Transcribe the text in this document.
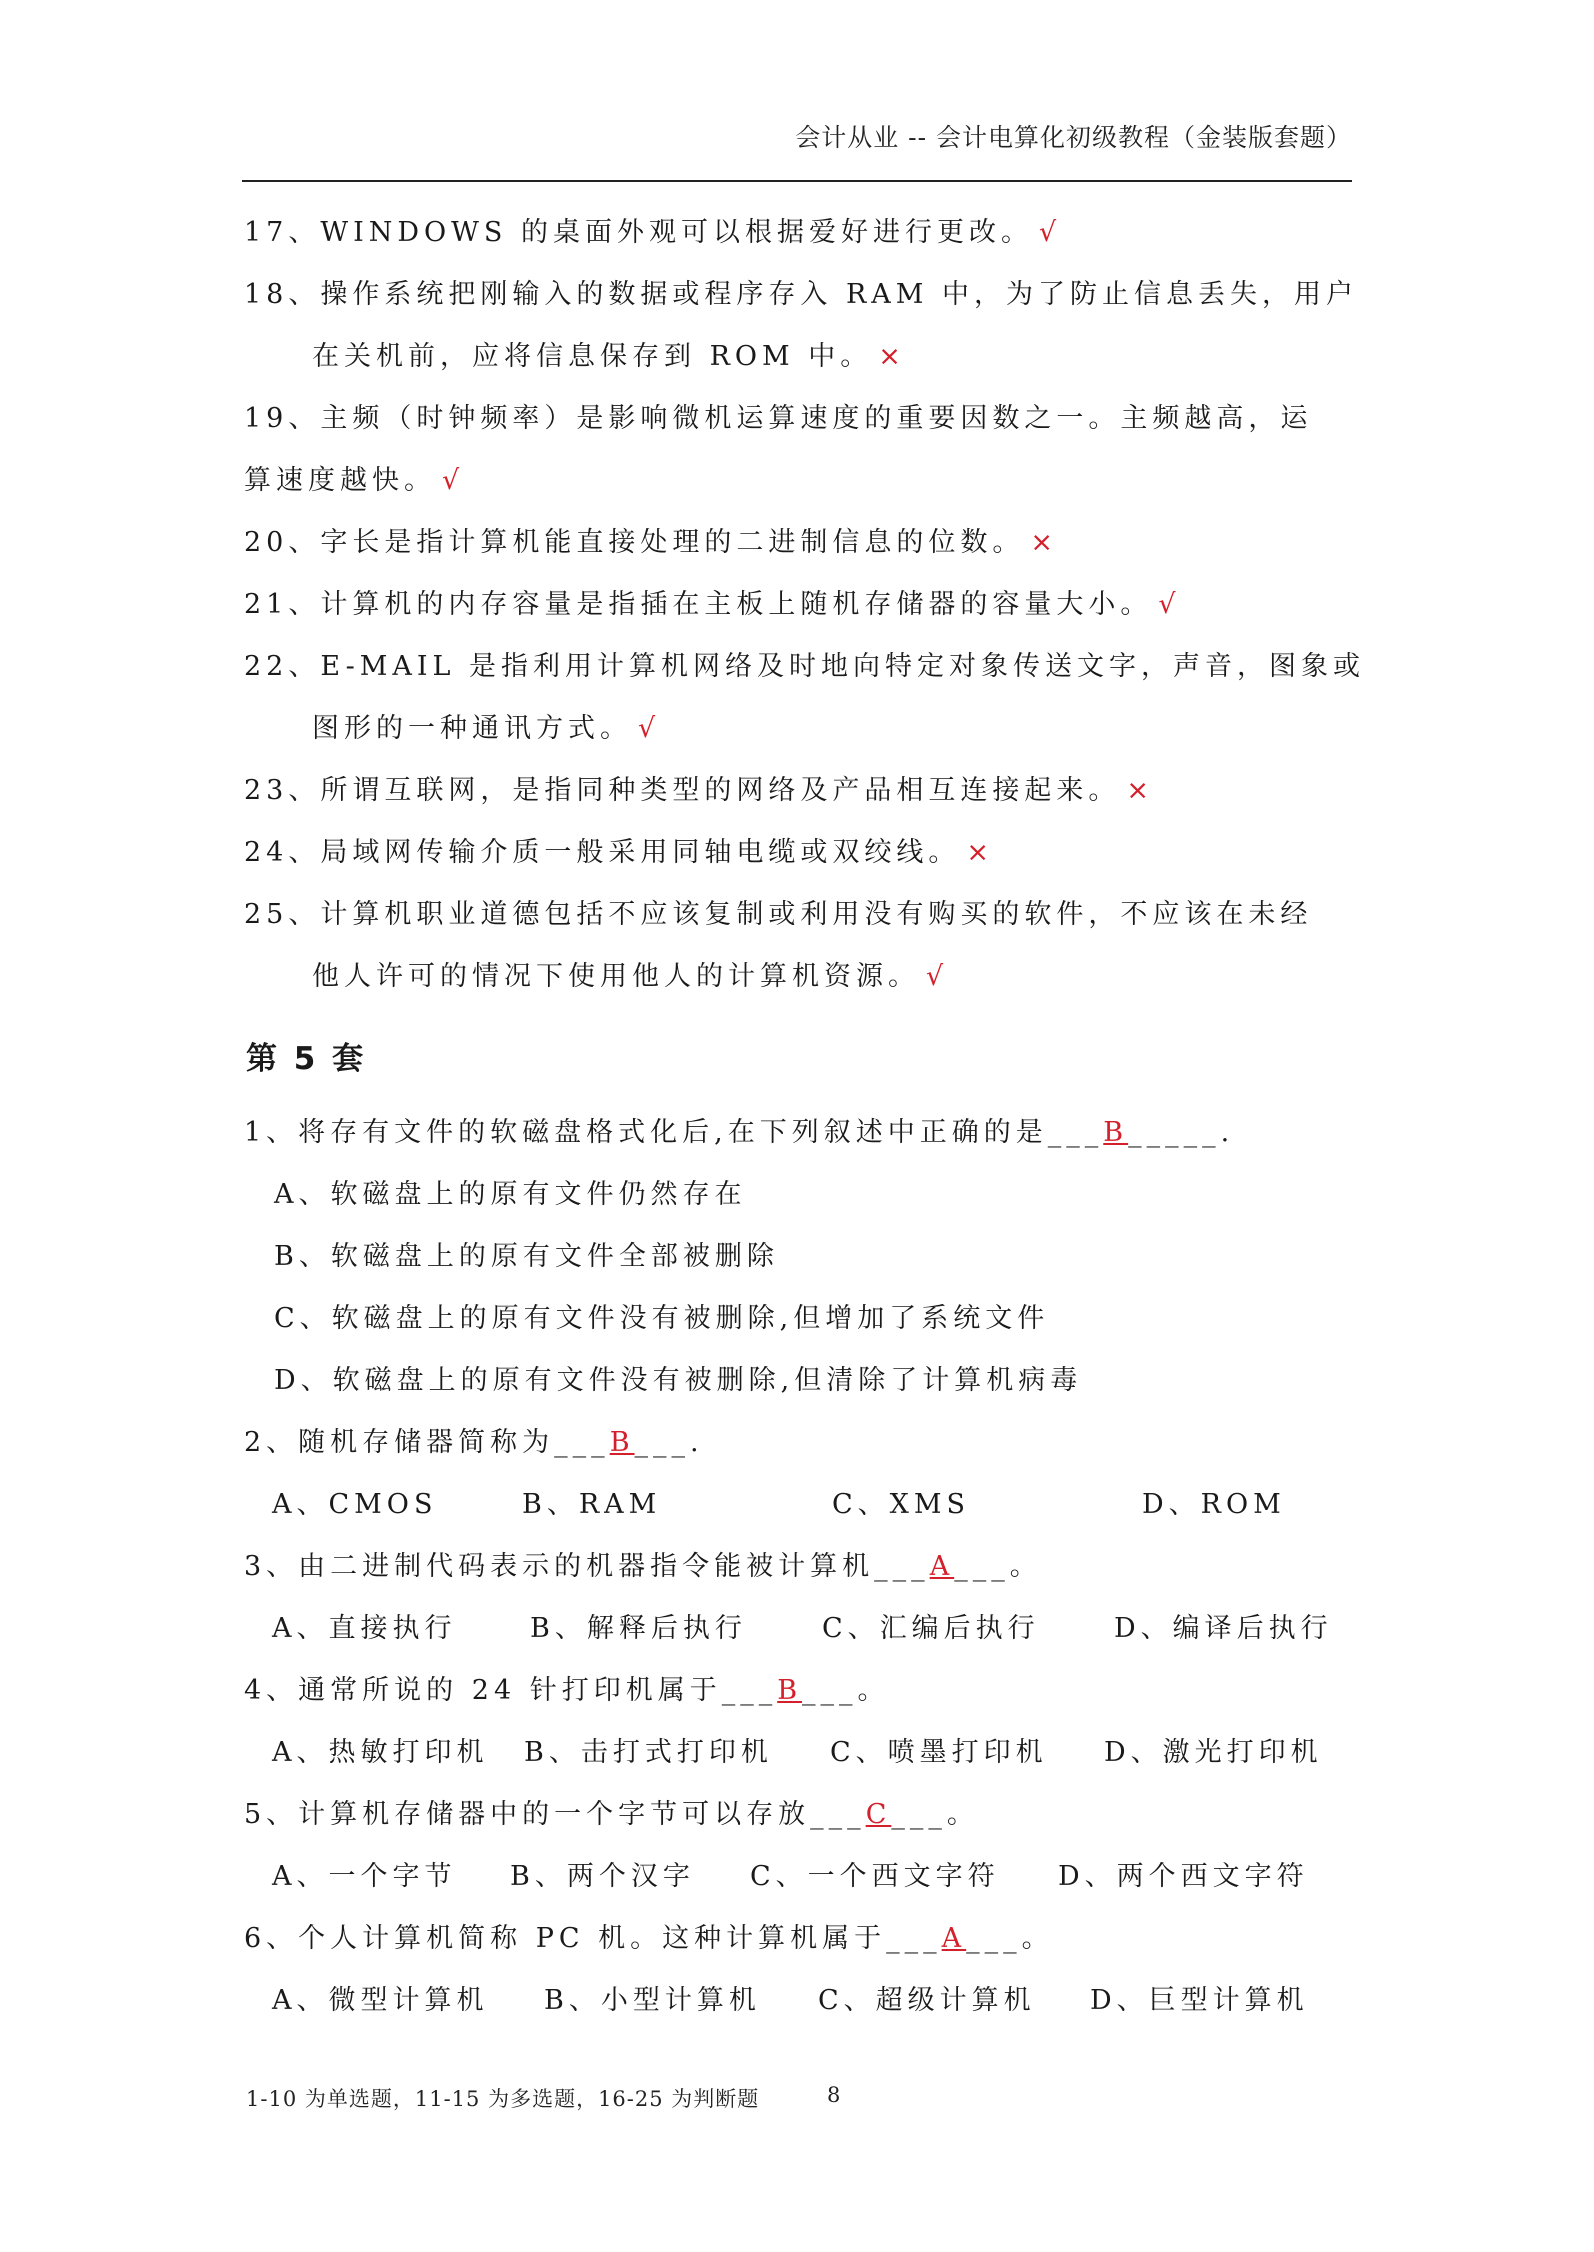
会计从业 -- 会计电算化初级教程（金装版套题）
17、WINDOWS 的桌面外观可以根据爱好进行更改。 √
18、操作系统把刚输入的数据或程序存入 RAM 中，为了防止信息丢失，用户
在关机前，应将信息保存到 ROM 中。 ×
19、主频（时钟频率）是影响微机运算速度的重要因数之一。主频越高，运
算速度越快。 √
20、字长是指计算机能直接处理的二进制信息的位数。 ×
21、计算机的内存容量是指插在主板上随机存储器的容量大小。 √
22、E-MAIL 是指利用计算机网络及时地向特定对象传送文字，声音，图象或
图形的一种通讯方式。 √
23、所谓互联网，是指同种类型的网络及产品相互连接起来。 ×
24、局域网传输介质一般采用同轴电缆或双绞线。 ×
25、计算机职业道德包括不应该复制或利用没有购买的软件，不应该在未经
他人许可的情况下使用他人的计算机资源。 √
第 5 套
1、将存有文件的软磁盘格式化后,在下列叙述中正确的是___B_____.
A、软磁盘上的原有文件仍然存在
B、软磁盘上的原有文件全部被删除
C、软磁盘上的原有文件没有被删除,但增加了系统文件
D、软磁盘上的原有文件没有被删除,但清除了计算机病毒
2、随机存储器简称为___B___.
A、CMOS	B、RAM	C、XMS	D、ROM
3、由二进制代码表示的机器指令能被计算机___A___。
A、直接执行	B、解释后执行	C、汇编后执行	D、编译后执行
4、通常所说的 24 针打印机属于___B___。
A、热敏打印机 B、击打式打印机 C、喷墨打印机 D、激光打印机
5、计算机存储器中的一个字节可以存放___C___。
A、一个字节 B、两个汉字 C、一个西文字符 D、两个西文字符
6、个人计算机简称 PC 机。这种计算机属于___A___。
A、微型计算机 B、小型计算机 C、超级计算机 D、巨型计算机
1-10 为单选题，11-15 为多选题，16-25 为判断题	8
